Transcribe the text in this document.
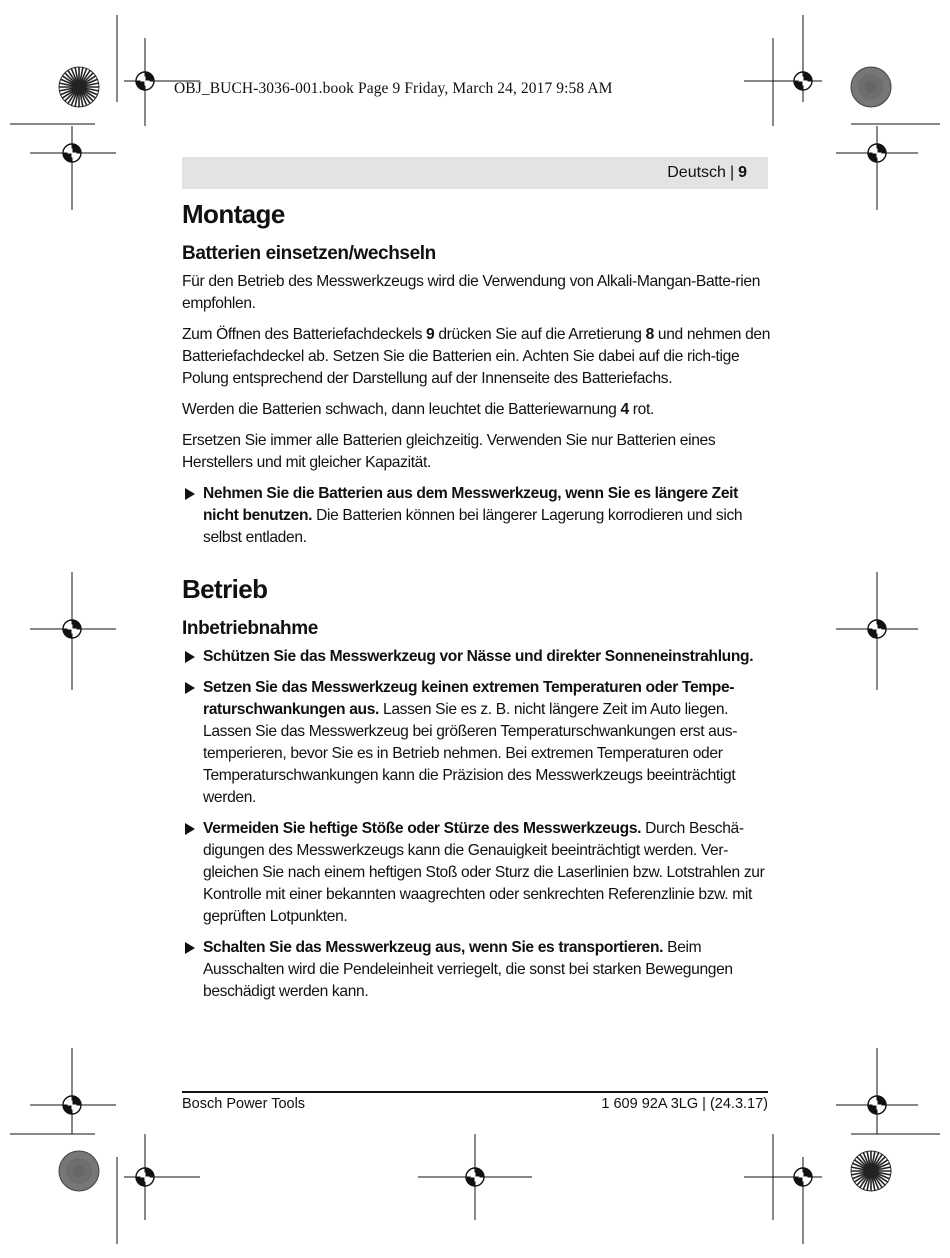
OBJ_BUCH-3036-001.book Page 9 Friday, March 24, 2017 9:58 AM
Deutsch | 9
Montage
Batterien einsetzen/wechseln

Für den Betrieb des Messwerkzeugs wird die Verwendung von Alkali-Mangan-Batte-rien empfohlen.

Zum Öffnen des Batteriefachdeckels 9 drücken Sie auf die Arretierung 8 und nehmen den Batteriefachdeckel ab. Setzen Sie die Batterien ein. Achten Sie dabei auf die rich-tige Polung entsprechend der Darstellung auf der Innenseite des Batteriefachs.

Werden die Batterien schwach, dann leuchtet die Batteriewarnung 4 rot.

Ersetzen Sie immer alle Batterien gleichzeitig. Verwenden Sie nur Batterien eines Herstellers und mit gleicher Kapazität.

Nehmen Sie die Batterien aus dem Messwerkzeug, wenn Sie es längere Zeit nicht benutzen. Die Batterien können bei längerer Lagerung korrodieren und sich selbst entladen.
Betrieb
Inbetriebnahme
Schützen Sie das Messwerkzeug vor Nässe und direkter Sonneneinstrahlung.
Setzen Sie das Messwerkzeug keinen extremen Temperaturen oder Tempe-raturschwankungen aus. Lassen Sie es z. B. nicht längere Zeit im Auto liegen. Lassen Sie das Messwerkzeug bei größeren Temperaturschwankungen erst aus-temperieren, bevor Sie es in Betrieb nehmen. Bei extremen Temperaturen oder Temperaturschwankungen kann die Präzision des Messwerkzeugs beeinträchtigt werden.
Vermeiden Sie heftige Stöße oder Stürze des Messwerkzeugs. Durch Beschä-digungen des Messwerkzeugs kann die Genauigkeit beeinträchtigt werden. Ver-gleichen Sie nach einem heftigen Stoß oder Sturz die Laserlinien bzw. Lotstrahlen zur Kontrolle mit einer bekannten waagrechten oder senkrechten Referenzlinie bzw. mit geprüften Lotpunkten.
Schalten Sie das Messwerkzeug aus, wenn Sie es transportieren. Beim Ausschalten wird die Pendeleinheit verriegelt, die sonst bei starken Bewegungen beschädigt werden kann.
Bosch Power Tools	1 609 92A 3LG | (24.3.17)
